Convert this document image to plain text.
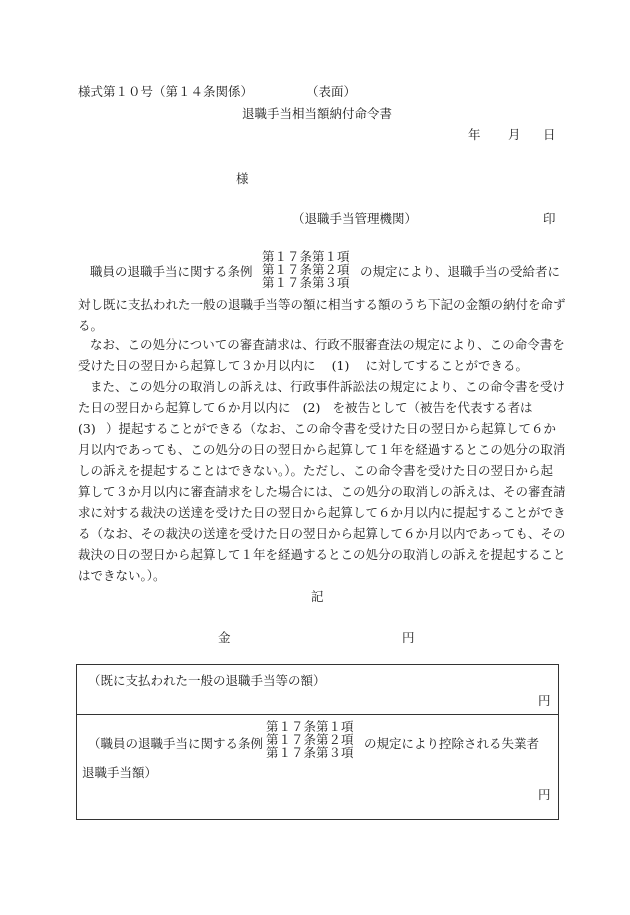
様式第１０号（第１４条関係）	（表面）
退職手当相当額納付命令書
年 月 日
様
（退職手当管理機関）	印
職員の退職手当に関する条例
第１７条第１項
第１７条第２項
第１７条第３項
の規定により、退職手当の受給者に
対し既に支払われた一般の退職手当等の額に相当する額のうち下記の金額の納付を命ず
る。
なお、この処分についての審査請求は、行政不服審査法の規定により、この命令書を
受けた日の翌日から起算して３か月以内に (1) に対してすることができる。
また、この処分の取消しの訴えは、行政事件訴訟法の規定により、この命令書を受け
た日の翌日から起算して６か月以内に (2) を被告として（被告を代表する者は
(3) ）提起することができる（なお、この命令書を受けた日の翌日から起算して６か
月以内であっても、この処分の日の翌日から起算して１年を経過するとこの処分の取消
しの訴えを提起することはできない。）。ただし、この命令書を受けた日の翌日から起
算して３か月以内に審査請求をした場合には、この処分の取消しの訴えは、その審査請
求に対する裁決の送達を受けた日の翌日から起算して６か月以内に提起することができ
る（なお、その裁決の送達を受けた日の翌日から起算して６か月以内であっても、その
裁決の日の翌日から起算して１年を経過するとこの処分の取消しの訴えを提起すること
はできない。）。
記
金	円
（既に支払われた一般の退職手当等の額）
円
（職員の退職手当に関する条例
第１７条第１項
第１７条第２項
第１７条第３項
の規定により控除される失業者
退職手当額）
円
